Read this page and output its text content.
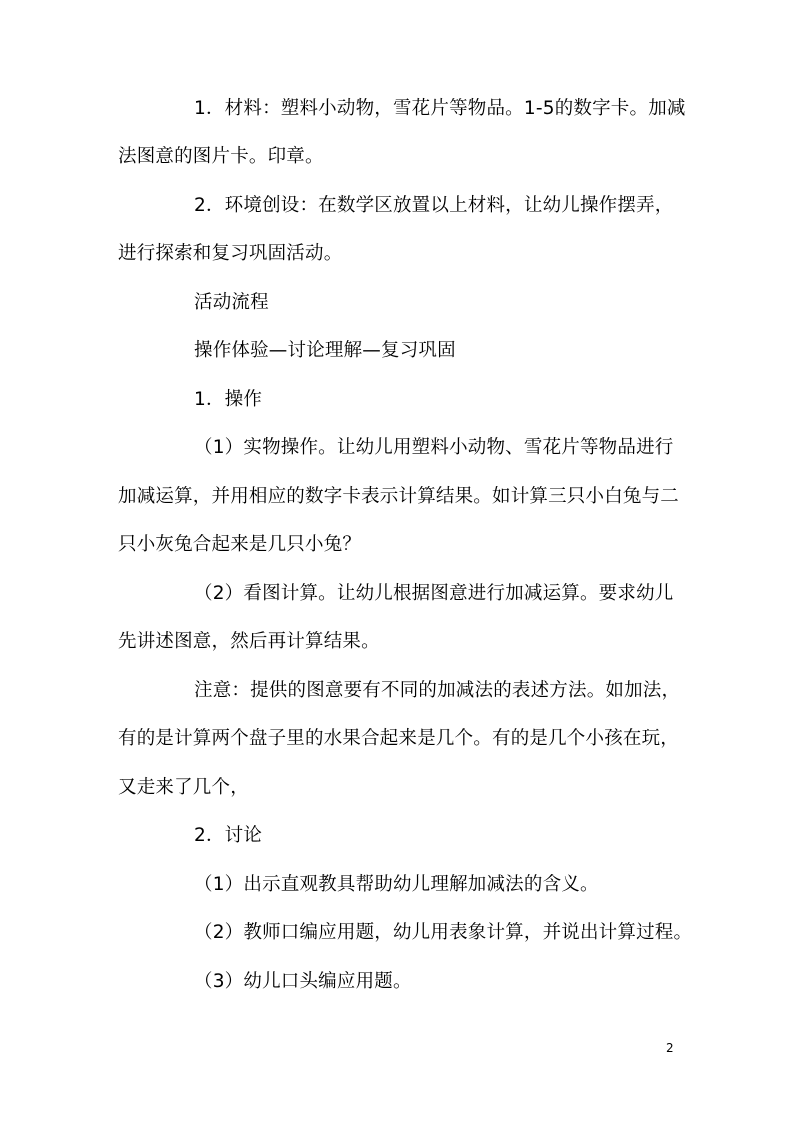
1．材料：塑料小动物，雪花片等物品。1-5的数字卡。加减
法图意的图片卡。印章。
2．环境创设：在数学区放置以上材料，让幼儿操作摆弄，
进行探索和复习巩固活动。
活动流程
操作体验—讨论理解—复习巩固
1．操作
（1）实物操作。让幼儿用塑料小动物、雪花片等物品进行
加减运算，并用相应的数字卡表示计算结果。如计算三只小白兔与二
只小灰兔合起来是几只小兔？
（2）看图计算。让幼儿根据图意进行加减运算。要求幼儿
先讲述图意，然后再计算结果。
注意：提供的图意要有不同的加减法的表述方法。如加法，
有的是计算两个盘子里的水果合起来是几个。有的是几个小孩在玩，
又走来了几个，
2．讨论
（1）出示直观教具帮助幼儿理解加减法的含义。
（2）教师口编应用题，幼儿用表象计算，并说出计算过程。
（3）幼儿口头编应用题。
2
